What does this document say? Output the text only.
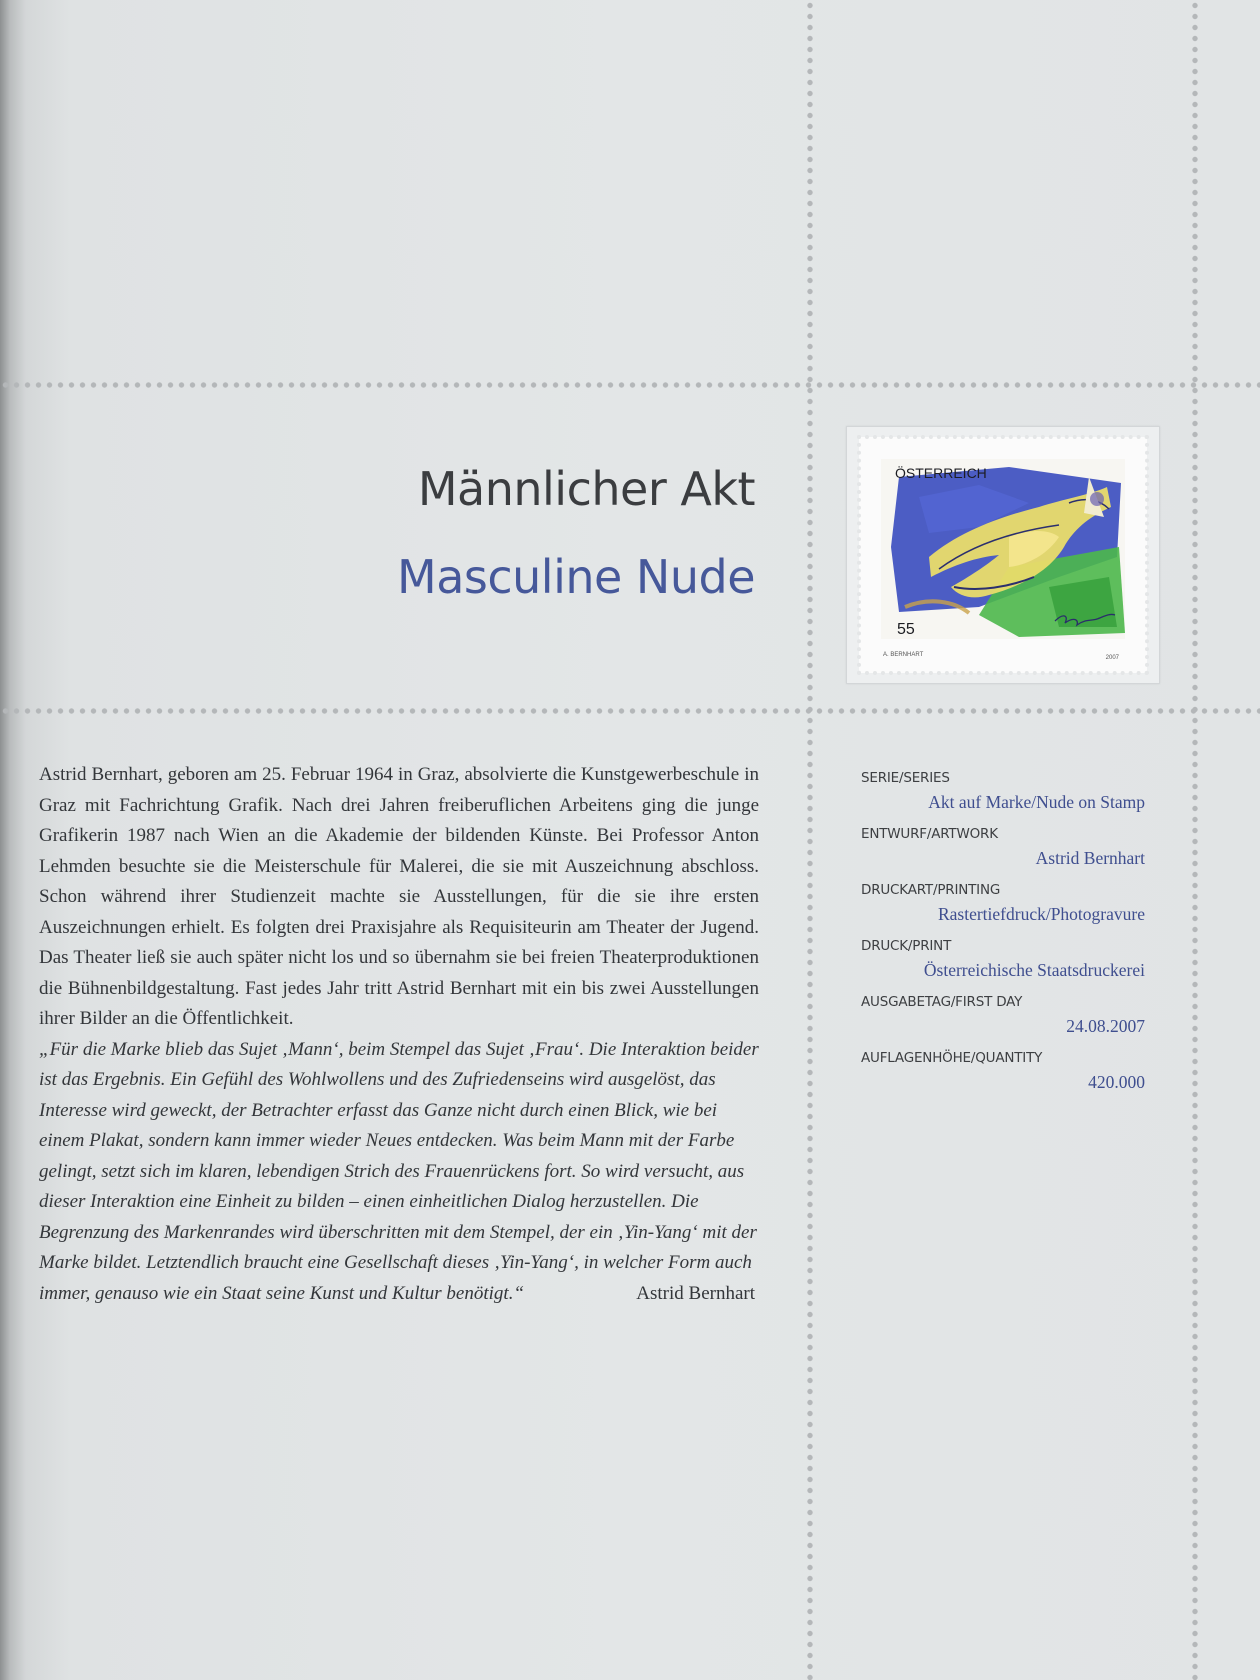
Männlicher Akt
Masculine Nude
ÖSTERREICH
55
A. BERNHART	2007

Astrid Bernhart, geboren am 25. Februar 1964 in Graz, absolvierte die Kunstgewerbeschule in Graz mit Fachrichtung Grafik. Nach drei Jahren freiberuflichen Arbeitens ging die junge Grafikerin 1987 nach Wien an die Akademie der bildenden Künste. Bei Professor Anton Lehmden besuchte sie die Meisterschule für Malerei, die sie mit Auszeichnung abschloss. Schon während ihrer Studienzeit machte sie Ausstellungen, für die sie ihre ersten Auszeichnungen erhielt. Es folgten drei Praxisjahre als Requisiteurin am Theater der Jugend. Das Theater ließ sie auch später nicht los und so übernahm sie bei freien Theaterproduktionen die Bühnenbildgestaltung. Fast jedes Jahr tritt Astrid Bernhart mit ein bis zwei Ausstellungen ihrer Bilder an die Öffentlichkeit.

„Für die Marke blieb das Sujet ‚Mann‘, beim Stempel das Sujet ‚Frau‘. Die Interaktion beider ist das Ergebnis. Ein Gefühl des Wohlwollens und des Zufriedenseins wird ausgelöst, das Interesse wird geweckt, der Betrachter erfasst das Ganze nicht durch einen Blick, wie bei einem Plakat, sondern kann immer wieder Neues entdecken. Was beim Mann mit der Farbe gelingt, setzt sich im klaren, lebendigen Strich des Frauenrückens fort. So wird versucht, aus dieser Interaktion eine Einheit zu bilden – einen einheitlichen Dialog herzustellen. Die Begrenzung des Markenrandes wird überschritten mit dem Stempel, der ein ‚Yin-Yang‘ mit der Marke bildet. Letztendlich braucht eine Gesellschaft dieses ‚Yin-Yang‘, in welcher Form auch immer, genauso wie ein Staat seine Kunst und Kultur benötigt.“	Astrid Bernhart

SERIE/SERIES
Akt auf Marke/Nude on Stamp
ENTWURF/ARTWORK
Astrid Bernhart
DRUCKART/PRINTING
Rastertiefdruck/Photogravure
DRUCK/PRINT
Österreichische Staatsdruckerei
AUSGABETAG/FIRST DAY
24.08.2007
AUFLAGENHÖHE/QUANTITY
420.000
